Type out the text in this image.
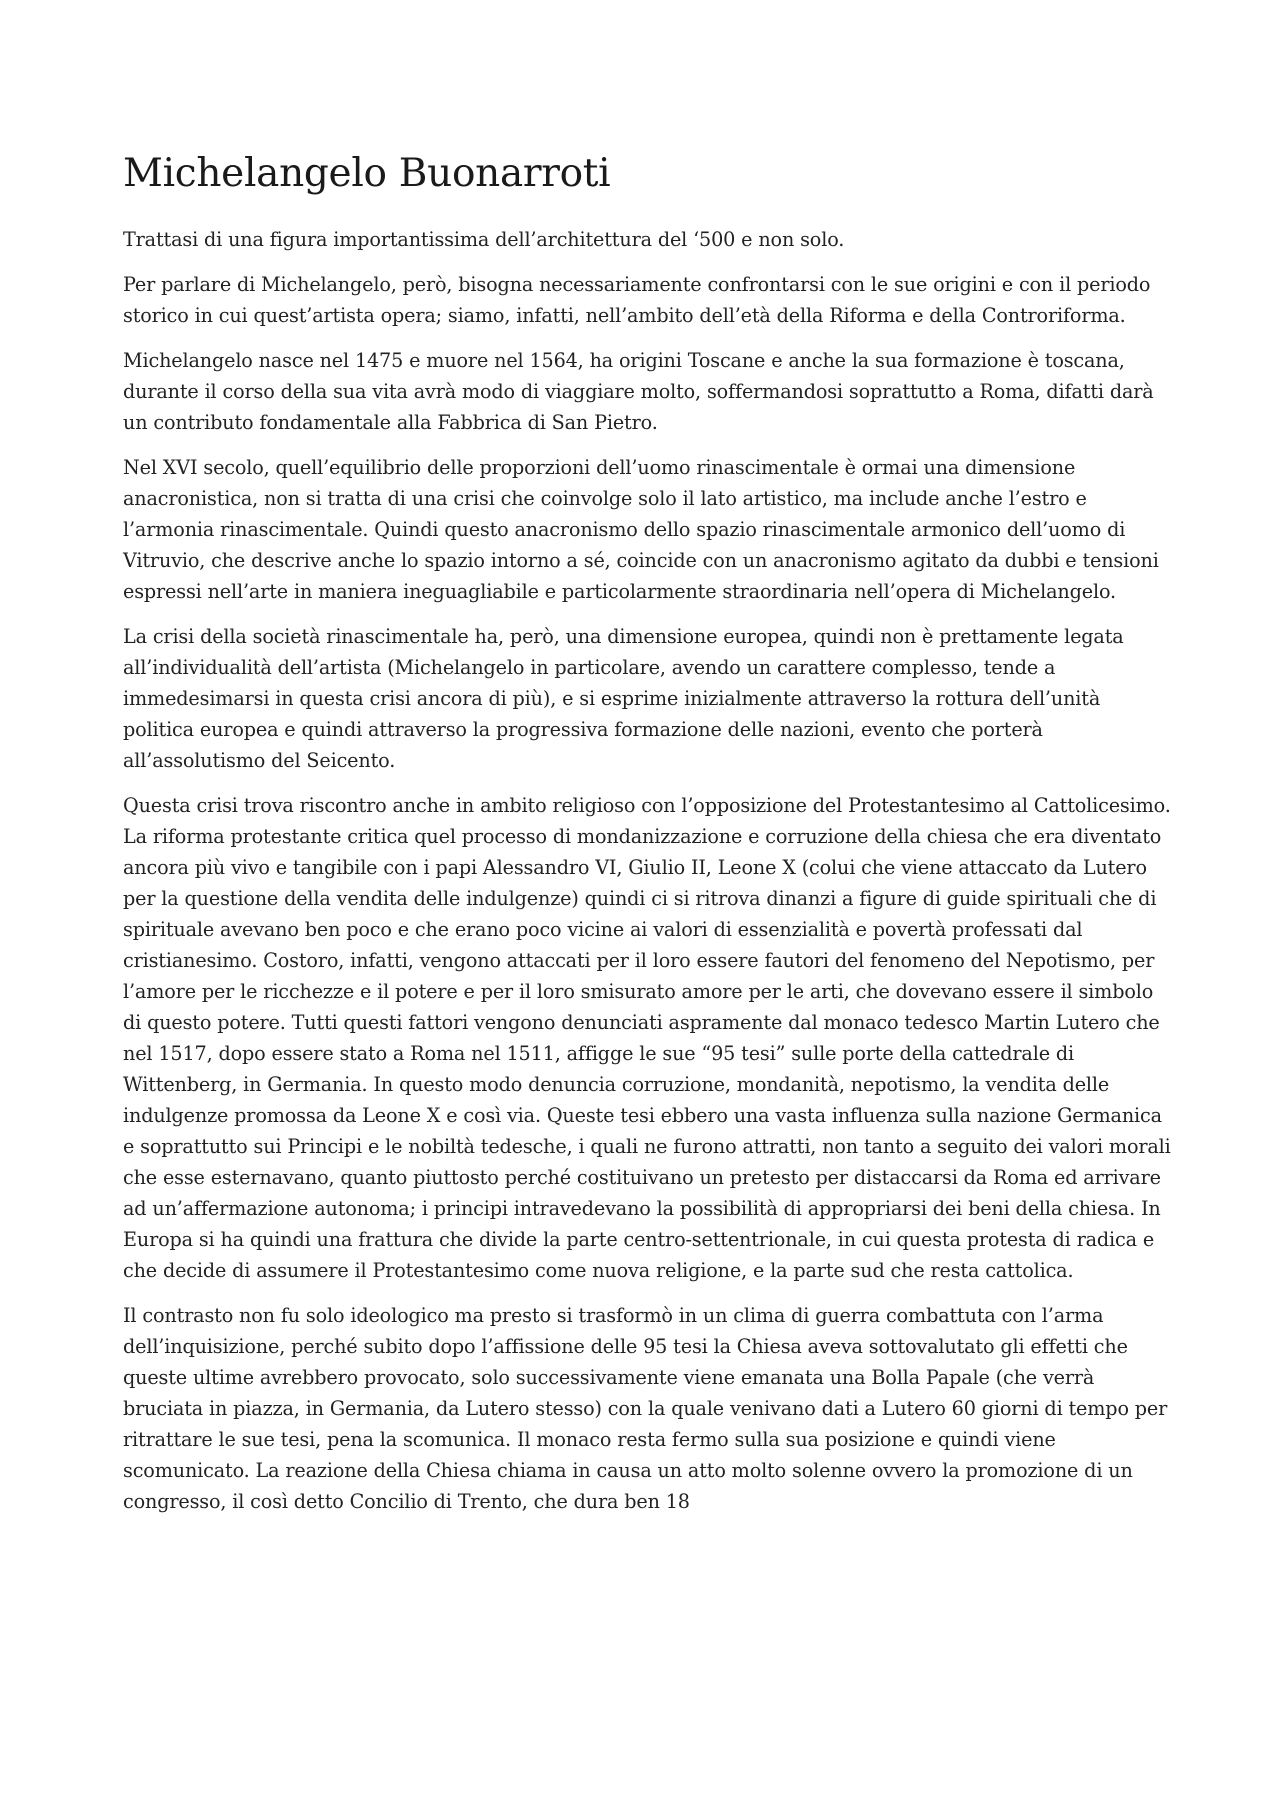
Michelangelo Buonarroti

Trattasi di una figura importantissima dell’architettura del ‘500 e non solo.

Per parlare di Michelangelo, però, bisogna necessariamente confrontarsi con le sue origini e con il periodo storico in cui quest’artista opera; siamo, infatti, nell’ambito dell’età della Riforma e della Controriforma.

Michelangelo nasce nel 1475 e muore nel 1564, ha origini Toscane e anche la sua formazione è toscana, durante il corso della sua vita avrà modo di viaggiare molto, soffermandosi soprattutto a Roma, difatti darà un contributo fondamentale alla Fabbrica di San Pietro.

Nel XVI secolo, quell’equilibrio delle proporzioni dell’uomo rinascimentale è ormai una dimensione anacronistica, non si tratta di una crisi che coinvolge solo il lato artistico, ma include anche l’estro e l’armonia rinascimentale. Quindi questo anacronismo dello spazio rinascimentale armonico dell’uomo di Vitruvio, che descrive anche lo spazio intorno a sé, coincide con un anacronismo agitato da dubbi e tensioni espressi nell’arte in maniera ineguagliabile e particolarmente straordinaria nell’opera di Michelangelo.

La crisi della società rinascimentale ha, però, una dimensione europea, quindi non è prettamente legata all’individualità dell’artista (Michelangelo in particolare, avendo un carattere complesso, tende a immedesimarsi in questa crisi ancora di più), e si esprime inizialmente attraverso la rottura dell’unità politica europea e quindi attraverso la progressiva formazione delle nazioni, evento che porterà all’assolutismo del Seicento.

Questa crisi trova riscontro anche in ambito religioso con l’opposizione del Protestantesimo al Cattolicesimo. La riforma protestante critica quel processo di mondanizzazione e corruzione della chiesa che era diventato ancora più vivo e tangibile con i papi Alessandro VI, Giulio II, Leone X (colui che viene attaccato da Lutero per la questione della vendita delle indulgenze) quindi ci si ritrova dinanzi a figure di guide spirituali che di spirituale avevano ben poco e che erano poco vicine ai valori di essenzialità e povertà professati dal cristianesimo. Costoro, infatti, vengono attaccati per il loro essere fautori del fenomeno del Nepotismo, per l’amore per le ricchezze e il potere e per il loro smisurato amore per le arti, che dovevano essere il simbolo di questo potere. Tutti questi fattori vengono denunciati aspramente dal monaco tedesco Martin Lutero che nel 1517, dopo essere stato a Roma nel 1511, affigge le sue “95 tesi” sulle porte della cattedrale di Wittenberg, in Germania. In questo modo denuncia corruzione, mondanità, nepotismo, la vendita delle indulgenze promossa da Leone X e così via. Queste tesi ebbero una vasta influenza sulla nazione Germanica e soprattutto sui Principi e le nobiltà tedesche, i quali ne furono attratti, non tanto a seguito dei valori morali che esse esternavano, quanto piuttosto perché costituivano un pretesto per distaccarsi da Roma ed arrivare ad un’affermazione autonoma; i principi intravedevano la possibilità di appropriarsi dei beni della chiesa. In Europa si ha quindi una frattura che divide la parte centro-settentrionale, in cui questa protesta di radica e che decide di assumere il Protestantesimo come nuova religione, e la parte sud che resta cattolica.

Il contrasto non fu solo ideologico ma presto si trasformò in un clima di guerra combattuta con l’arma dell’inquisizione, perché subito dopo l’affissione delle 95 tesi la Chiesa aveva sottovalutato gli effetti che queste ultime avrebbero provocato, solo successivamente viene emanata una Bolla Papale (che verrà bruciata in piazza, in Germania, da Lutero stesso) con la quale venivano dati a Lutero 60 giorni di tempo per ritrattare le sue tesi, pena la scomunica. Il monaco resta fermo sulla sua posizione e quindi viene scomunicato. La reazione della Chiesa chiama in causa un atto molto solenne ovvero la promozione di un congresso, il così detto Concilio di Trento, che dura ben 18
